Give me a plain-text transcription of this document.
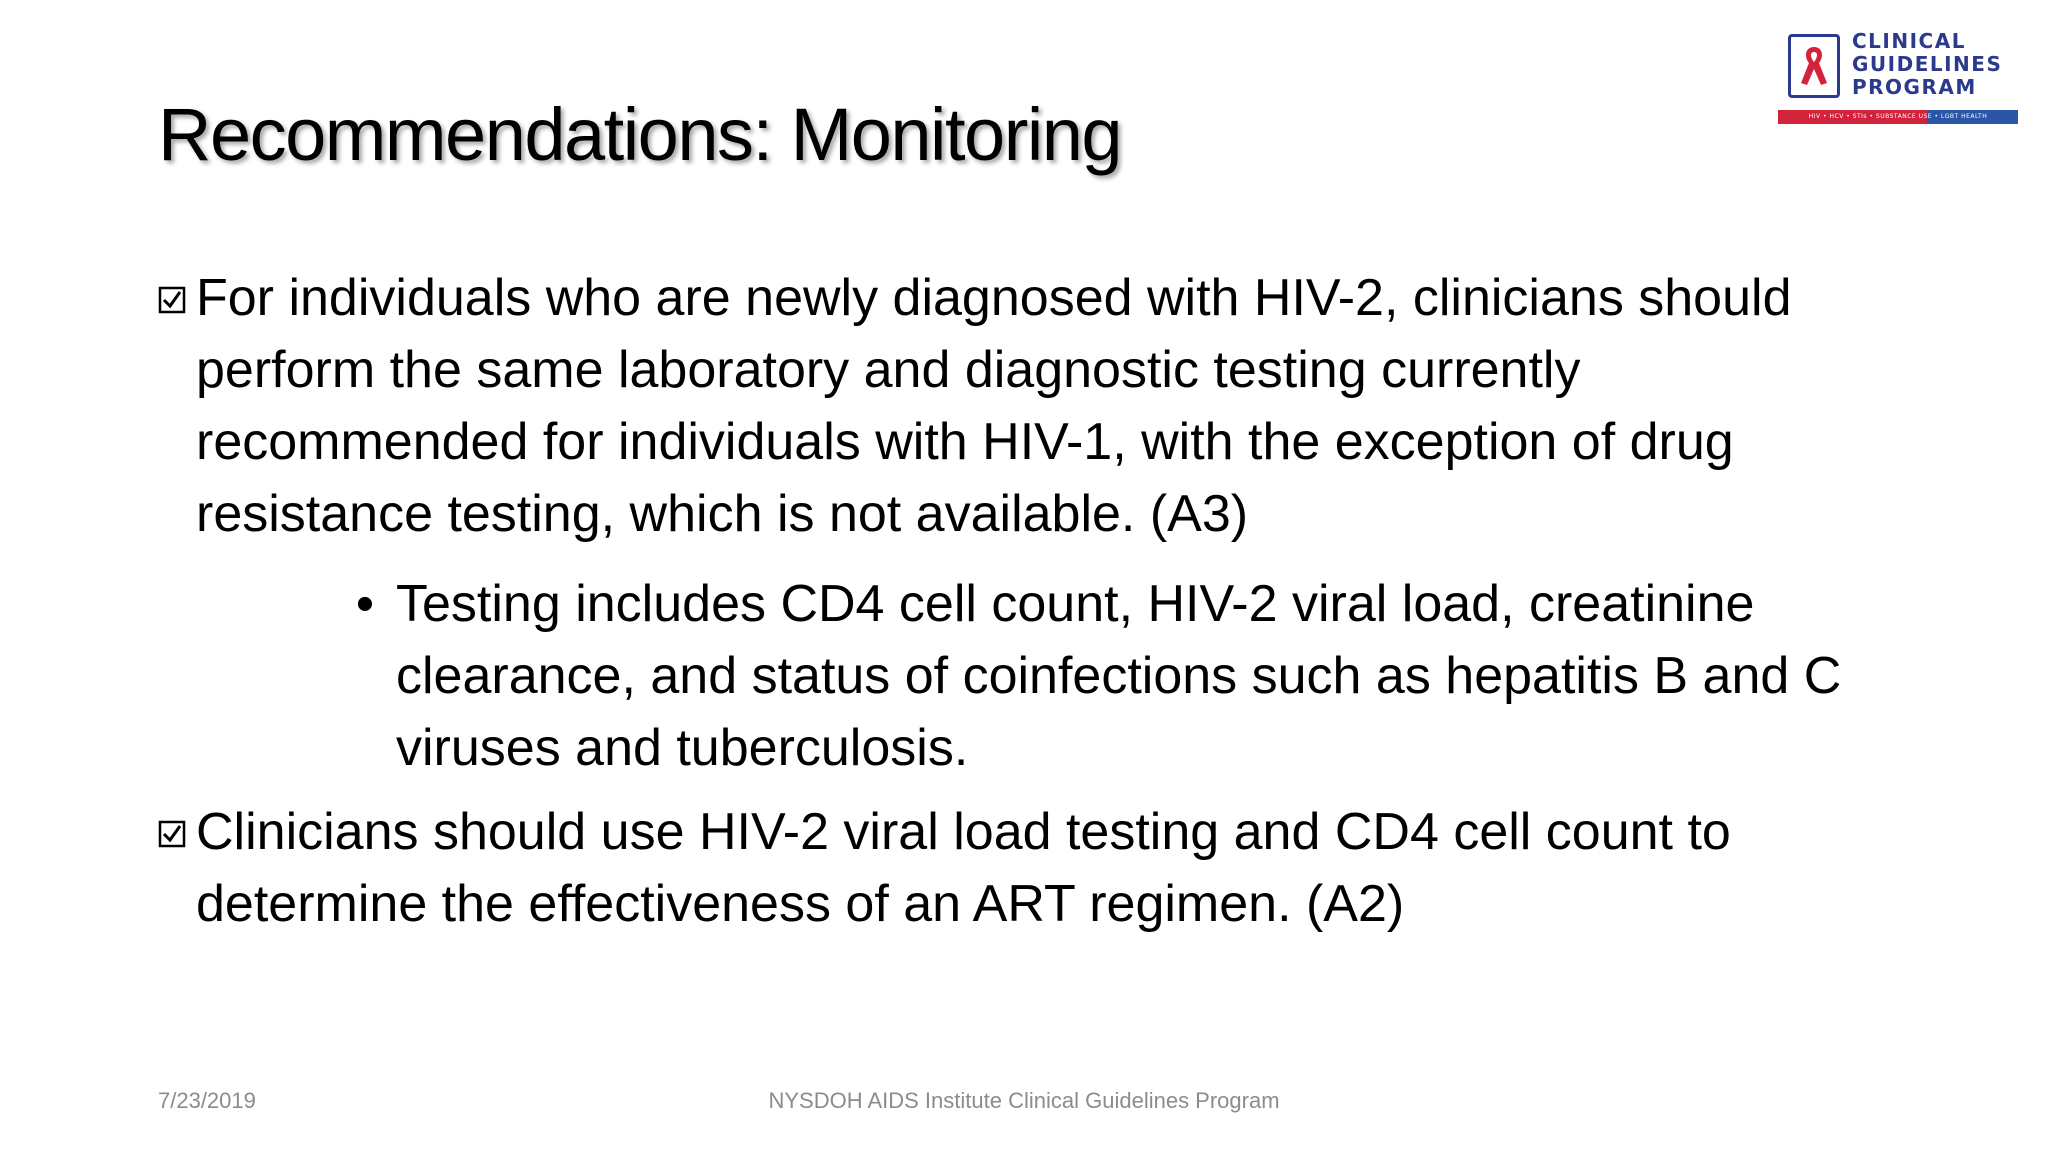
Recommendations: Monitoring
CLINICAL
GUIDELINES
PROGRAM
HIV • HCV • STIs • SUBSTANCE USE • LGBT HEALTH
For individuals who are newly diagnosed with HIV-2, clinicians should perform the same laboratory and diagnostic testing currently recommended for individuals with HIV-1, with the exception of drug resistance testing, which is not available. (A3)
• Testing includes CD4 cell count, HIV-2 viral load, creatinine clearance, and status of coinfections such as hepatitis B and C viruses and tuberculosis.
Clinicians should use HIV-2 viral load testing and CD4 cell count to determine the effectiveness of an ART regimen. (A2)
7/23/2019	NYSDOH AIDS Institute Clinical Guidelines Program
